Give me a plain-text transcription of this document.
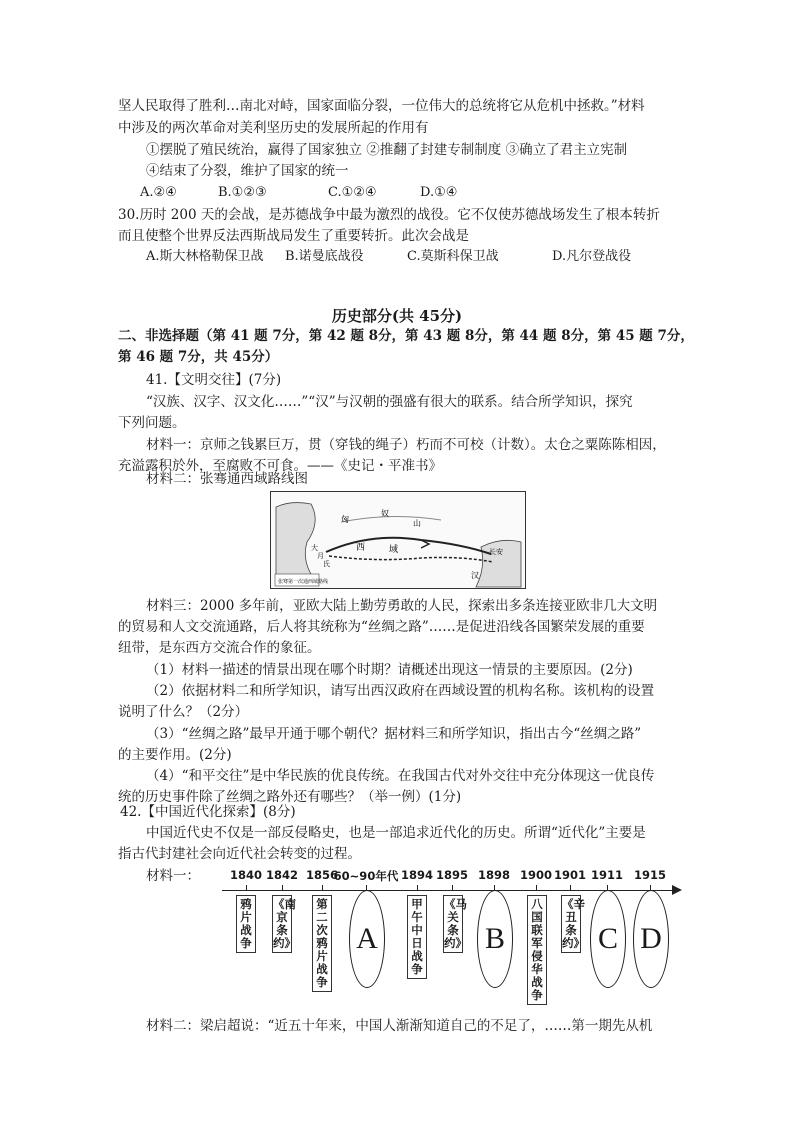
坚人民取得了胜利…南北对峙，国家面临分裂，一位伟大的总统将它从危机中拯救。”材料
中涉及的两次革命对美利坚历史的发展所起的作用有
①摆脱了殖民统治，赢得了国家独立 ②推翻了封建专制制度 ③确立了君主立宪制
④结束了分裂，维护了国家的统一
A.②④	B.①②③	C.①②④	D.①④
30.历时 200 天的会战，是苏德战争中最为激烈的战役。它不仅使苏德战场发生了根本转折
而且使整个世界反法西斯战局发生了重要转折。此次会战是
A.斯大林格勒保卫战 B.诺曼底战役	C.莫斯科保卫战	D.凡尔登战役
历史部分(共 45分)
二、非选择题（第 41 题 7分，第 42 题 8分，第 43 题 8分，第 44 题 8分，第 45 题 7分，
第 46 题 7分，共 45分）
41.【文明交往】(7分)
“汉族、汉字、汉文化……”“汉”与汉朝的强盛有很大的联系。结合所学知识，探究
下列问题。
材料一：京师之钱累巨万，贯（穿钱的绳子）朽而不可校（计数）。太仓之粟陈陈相因，
充溢露积於外，至腐败不可食。——《史记・平准书》
材料二：张骞通西域路线图
匈
奴
山
西	域
汉
长安
大
月
氏
张骞第一次通西域路线
材料三：2000 多年前，亚欧大陆上勤劳勇敢的人民，探索出多条连接亚欧非几大文明
的贸易和人文交流通路，后人将其统称为“丝绸之路”……是促进沿线各国繁荣发展的重要
纽带，是东西方交流合作的象征。
（1）材料一描述的情景出现在哪个时期？请概述出现这一情景的主要原因。(2分)
（2）依据材料二和所学知识，请写出西汉政府在西域设置的机构名称。该机构的设置
说明了什么？（2分）
（3）“丝绸之路”最早开通于哪个朝代？据材料三和所学知识，指出古今“丝绸之路”
的主要作用。(2分)
（4）“和平交往”是中华民族的优良传统。在我国古代对外交往中充分体现这一优良传
统的历史事件除了丝绸之路外还有哪些？（举一例）(1分)
42.【中国近代化探索】(8分)
中国近代史不仅是一部反侵略史，也是一部追求近代化的历史。所谓“近代化”主要是
指古代封建社会向近代社会转变的过程。
材料一：	1840 1842 1856
60~90年代 1894 1895 1898 1900 1901 1911 1915
鸦片战争
《南京条约》
第二次鸦片战争
A
甲午中日战争
《马关条约》 B
八国联军侵华战争
《辛丑条约》 C D
材料二：梁启超说：“近五十年来，中国人渐渐知道自己的不足了，……第一期先从机
